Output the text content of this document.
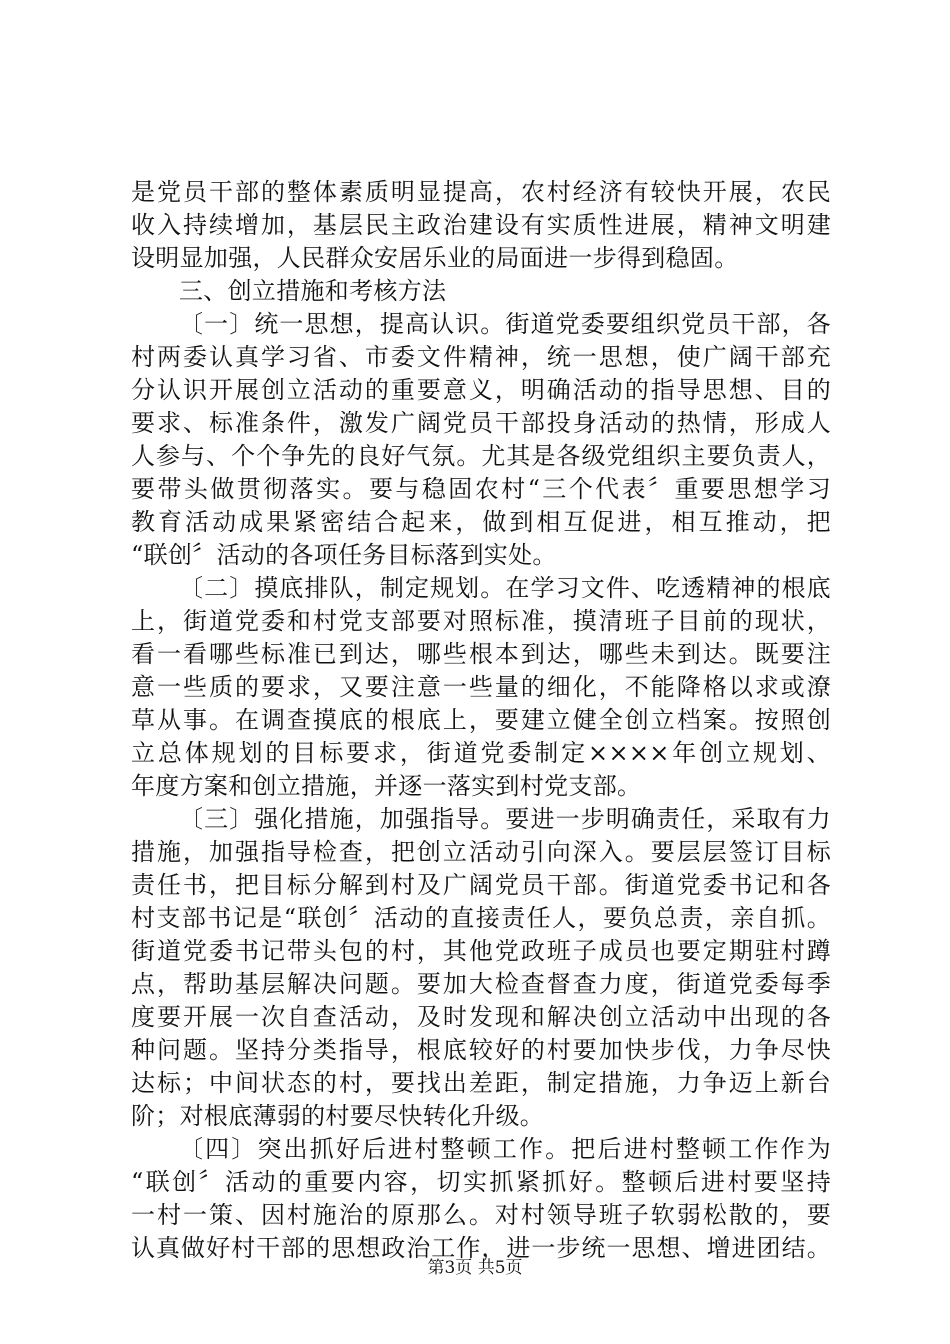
是党员干部的整体素质明显提高，农村经济有较快开展，农民
收入持续增加，基层民主政治建设有实质性进展，精神文明建
设明显加强，人民群众安居乐业的局面进一步得到稳固。
三、创立措施和考核方法
〔一〕统一思想，提高认识。街道党委要组织党员干部，各
村两委认真学习省、市委文件精神，统一思想，使广阔干部充
分认识开展创立活动的重要意义，明确活动的指导思想、目的
要求、标准条件，激发广阔党员干部投身活动的热情，形成人
人参与、个个争先的良好气氛。尤其是各级党组织主要负责人，
要带头做贯彻落实。要与稳固农村“三个代表〞重要思想学习
教育活动成果紧密结合起来，做到相互促进，相互推动，把
“联创〞活动的各项任务目标落到实处。
〔二〕摸底排队，制定规划。在学习文件、吃透精神的根底
上，街道党委和村党支部要对照标准，摸清班子目前的现状，
看一看哪些标准已到达，哪些根本到达，哪些未到达。既要注
意一些质的要求，又要注意一些量的细化，不能降格以求或潦
草从事。在调查摸底的根底上，要建立健全创立档案。按照创
立总体规划的目标要求，街道党委制定××××年创立规划、
年度方案和创立措施，并逐一落实到村党支部。
〔三〕强化措施，加强指导。要进一步明确责任，采取有力
措施，加强指导检查，把创立活动引向深入。要层层签订目标
责任书，把目标分解到村及广阔党员干部。街道党委书记和各
村支部书记是“联创〞活动的直接责任人，要负总责，亲自抓。
街道党委书记带头包的村，其他党政班子成员也要定期驻村蹲
点，帮助基层解决问题。要加大检查督查力度，街道党委每季
度要开展一次自查活动，及时发现和解决创立活动中出现的各
种问题。坚持分类指导，根底较好的村要加快步伐，力争尽快
达标；中间状态的村，要找出差距，制定措施，力争迈上新台
阶；对根底薄弱的村要尽快转化升级。
〔四〕突出抓好后进村整顿工作。把后进村整顿工作作为
“联创〞活动的重要内容，切实抓紧抓好。整顿后进村要坚持
一村一策、因村施治的原那么。对村领导班子软弱松散的，要
认真做好村干部的思想政治工作，进一步统一思想、增进团结。
第3页 共5页
